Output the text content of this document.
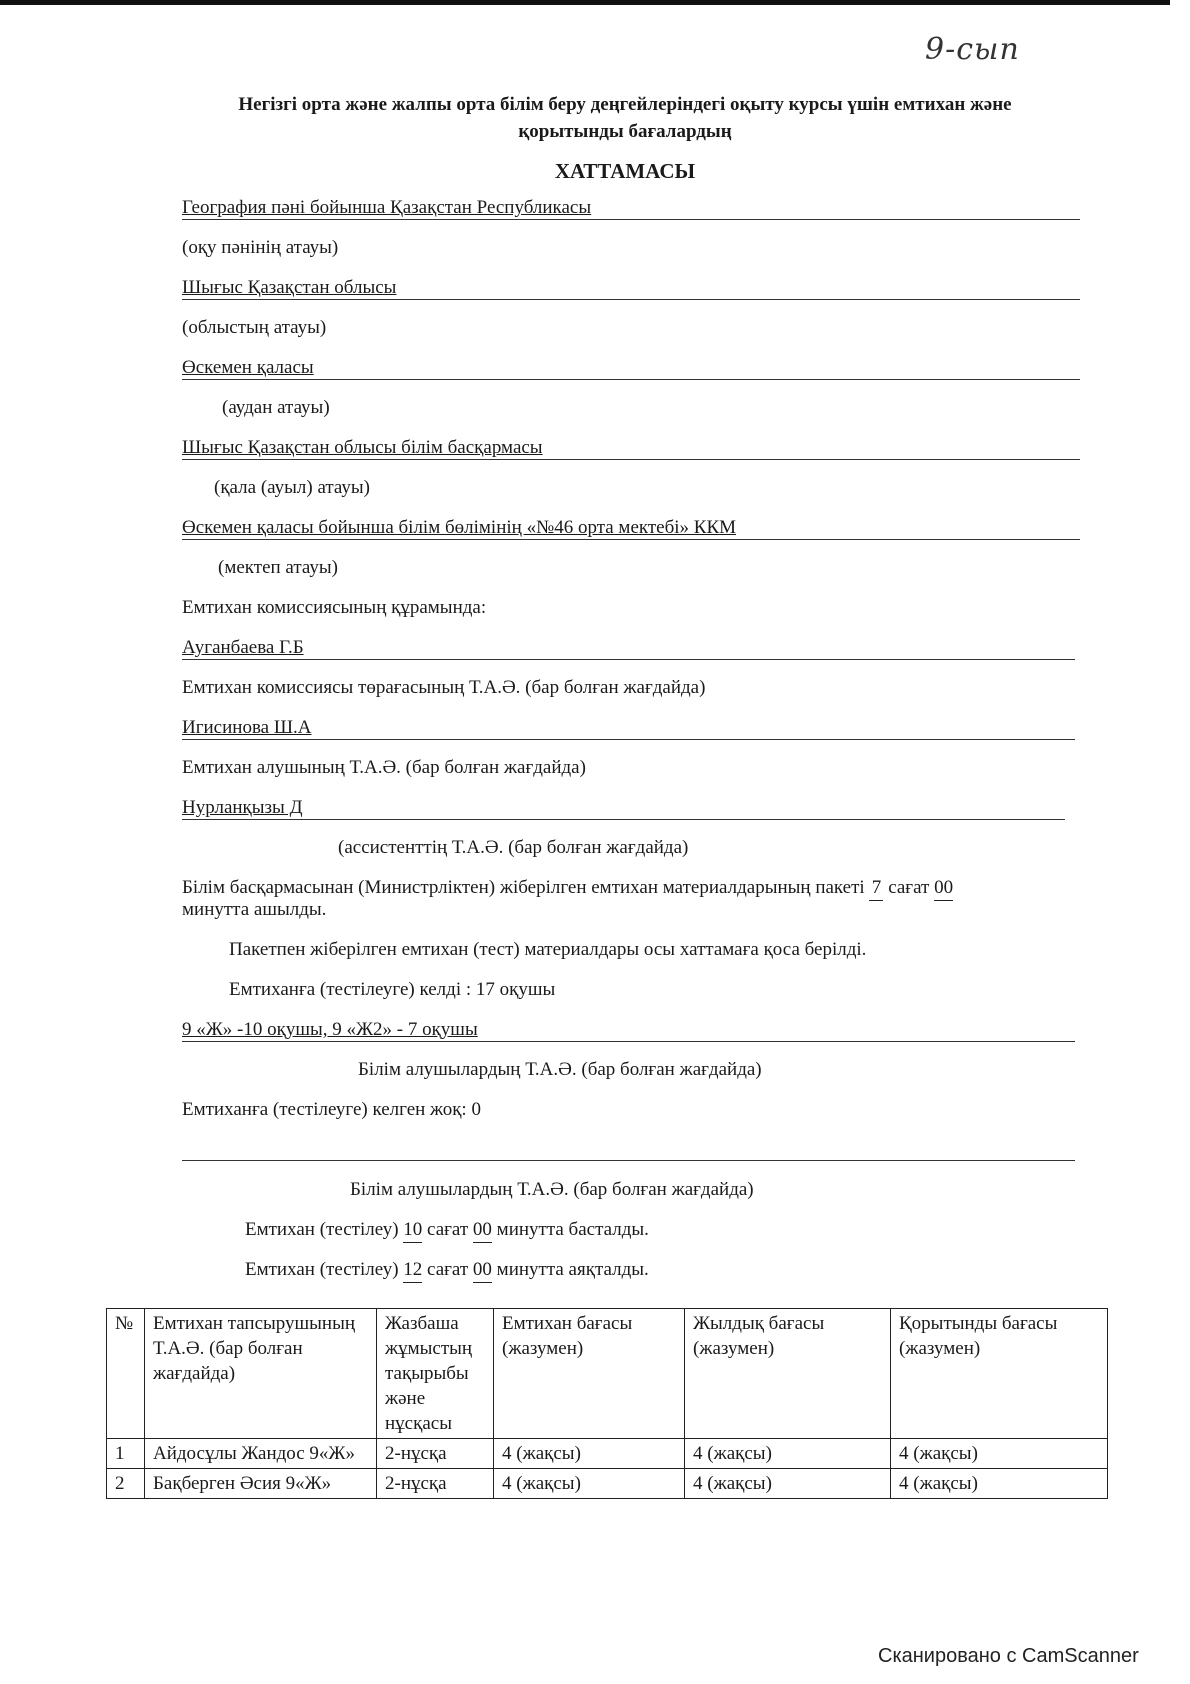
9-сып
Негізгі орта және жалпы орта білім беру деңгейлеріндегі оқыту курсы үшін емтихан және
қорытынды бағалардың
ХАТТАМАСЫ
География пәні бойынша Қазақстан Республикасы
(оқу пәнінің атауы)
Шығыс Қазақстан облысы
(облыстың атауы)
Өскемен қаласы
(аудан атауы)
Шығыс Қазақстан облысы білім басқармасы
(қала (ауыл) атауы)
Өскемен қаласы бойынша білім бөлімінің «№46 орта мектебі» ККМ
(мектеп атауы)
Емтихан комиссиясының құрамында:
Ауганбаева Г.Б
Емтихан комиссиясы төрағасының Т.А.Ә. (бар болған жағдайда)
Игисинова Ш.А
Емтихан алушының Т.А.Ә. (бар болған жағдайда)
Нурланқызы Д
(ассистенттің Т.А.Ә. (бар болған жағдайда)
Білім басқармасынан (Министрліктен) жіберілген емтихан материалдарының пакеті 7 сағат 00
минутта ашылды.
Пакетпен жіберілген емтихан (тест) материалдары осы хаттамаға қоса берілді.
Емтиханға (тестілеуге) келді : 17 оқушы
9 «Ж» -10 оқушы, 9 «Ж2» - 7 оқушы
Білім алушылардың Т.А.Ә. (бар болған жағдайда)
Емтиханға (тестілеуге) келген жоқ: 0
Білім алушылардың Т.А.Ә. (бар болған жағдайда)
Емтихан (тестілеу) 10 сағат 00 минутта басталды.
Емтихан (тестілеу) 12 сағат 00 минутта аяқталды.
№	Емтихан тапсырушының Т.А.Ә. (бар болған жағдайда)	Жазбаша жұмыстың тақырыбы және нұсқасы	Емтихан бағасы (жазумен)	Жылдық бағасы (жазумен)	Қорытынды бағасы (жазумен)
1	Айдосұлы Жандос 9«Ж»	2-нұсқа	4 (жақсы)	4 (жақсы)	4 (жақсы)
2	Бақберген Әсия 9«Ж»	2-нұсқа	4 (жақсы)	4 (жақсы)	4 (жақсы)
Сканировано с CamScanner
